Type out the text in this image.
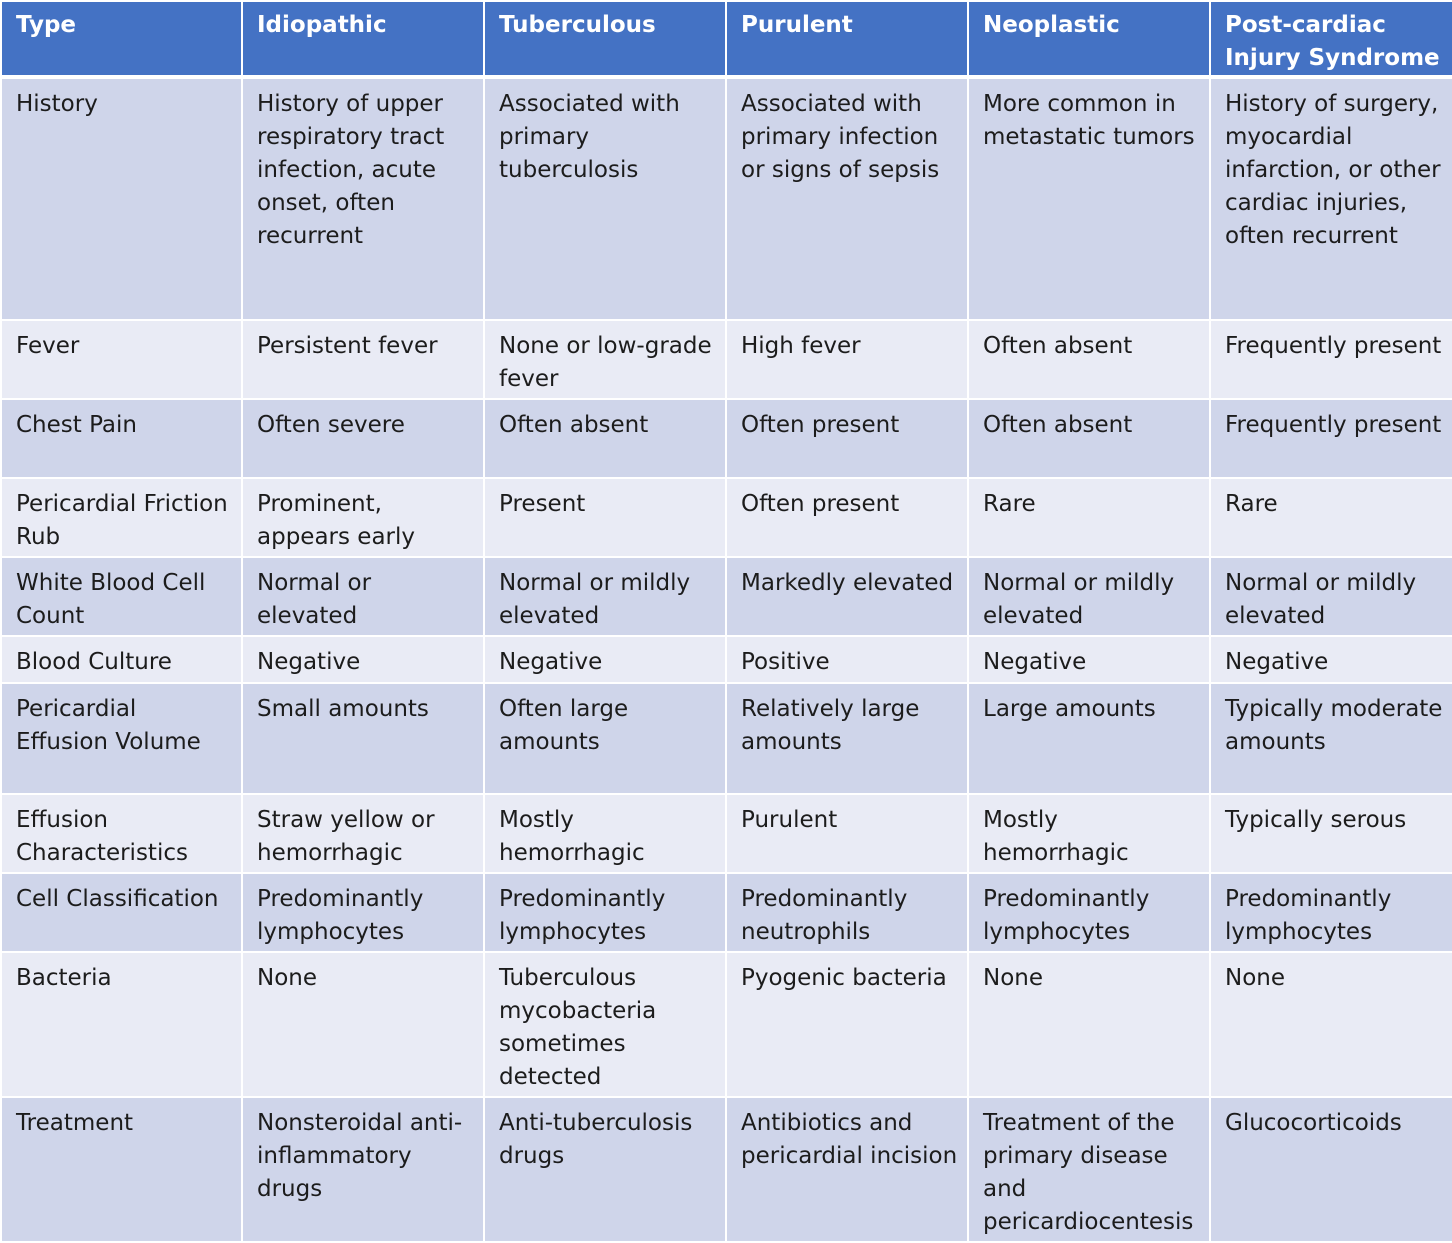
Type	Idiopathic	Tuberculous	Purulent	Neoplastic	Post-cardiac Injury Syndrome
History	History of upper respiratory tract infection, acute onset, often recurrent	Associated with primary tuberculosis	Associated with primary infection or signs of sepsis	More common in metastatic tumors	History of surgery, myocardial infarction, or other cardiac injuries, often recurrent
Fever	Persistent fever	None or low-grade fever	High fever	Often absent	Frequently present
Chest Pain	Often severe	Often absent	Often present	Often absent	Frequently present
Pericardial Friction Rub	Prominent, appears early	Present	Often present	Rare	Rare
White Blood Cell Count	Normal or elevated	Normal or mildly elevated	Markedly elevated	Normal or mildly elevated	Normal or mildly elevated
Blood Culture	Negative	Negative	Positive	Negative	Negative
Pericardial Effusion Volume	Small amounts	Often large amounts	Relatively large amounts	Large amounts	Typically moderate amounts
Effusion Characteristics	Straw yellow or hemorrhagic	Mostly hemorrhagic	Purulent	Mostly hemorrhagic	Typically serous
Cell Classification	Predominantly lymphocytes	Predominantly lymphocytes	Predominantly neutrophils	Predominantly lymphocytes	Predominantly lymphocytes
Bacteria	None	Tuberculous mycobacteria sometimes detected	Pyogenic bacteria	None	None
Treatment	Nonsteroidal anti-inflammatory drugs	Anti-tuberculosis drugs	Antibiotics and pericardial incision	Treatment of the primary disease and pericardiocentesis	Glucocorticoids
